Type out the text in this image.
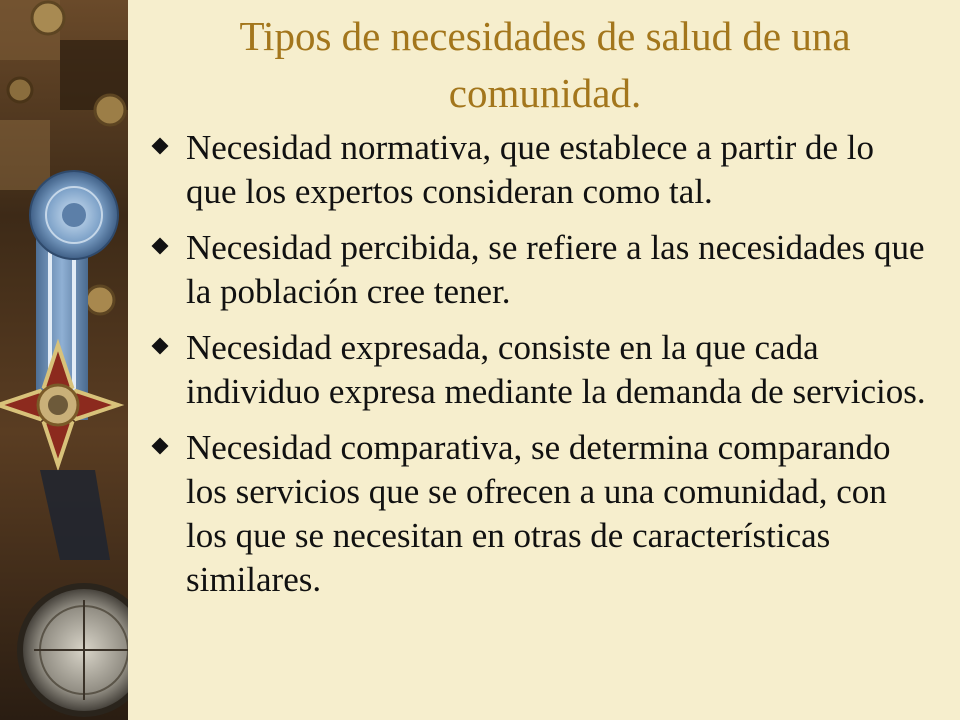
Tipos de necesidades de salud de una
comunidad.
Necesidad normativa, que establece a partir de lo que los expertos consideran como tal.
Necesidad percibida, se refiere a las necesidades que la población cree tener.
Necesidad expresada, consiste en la que cada individuo expresa mediante la demanda de servicios.
Necesidad comparativa, se determina comparando los servicios que se ofrecen a una comunidad, con los que se necesitan en otras de características similares.
